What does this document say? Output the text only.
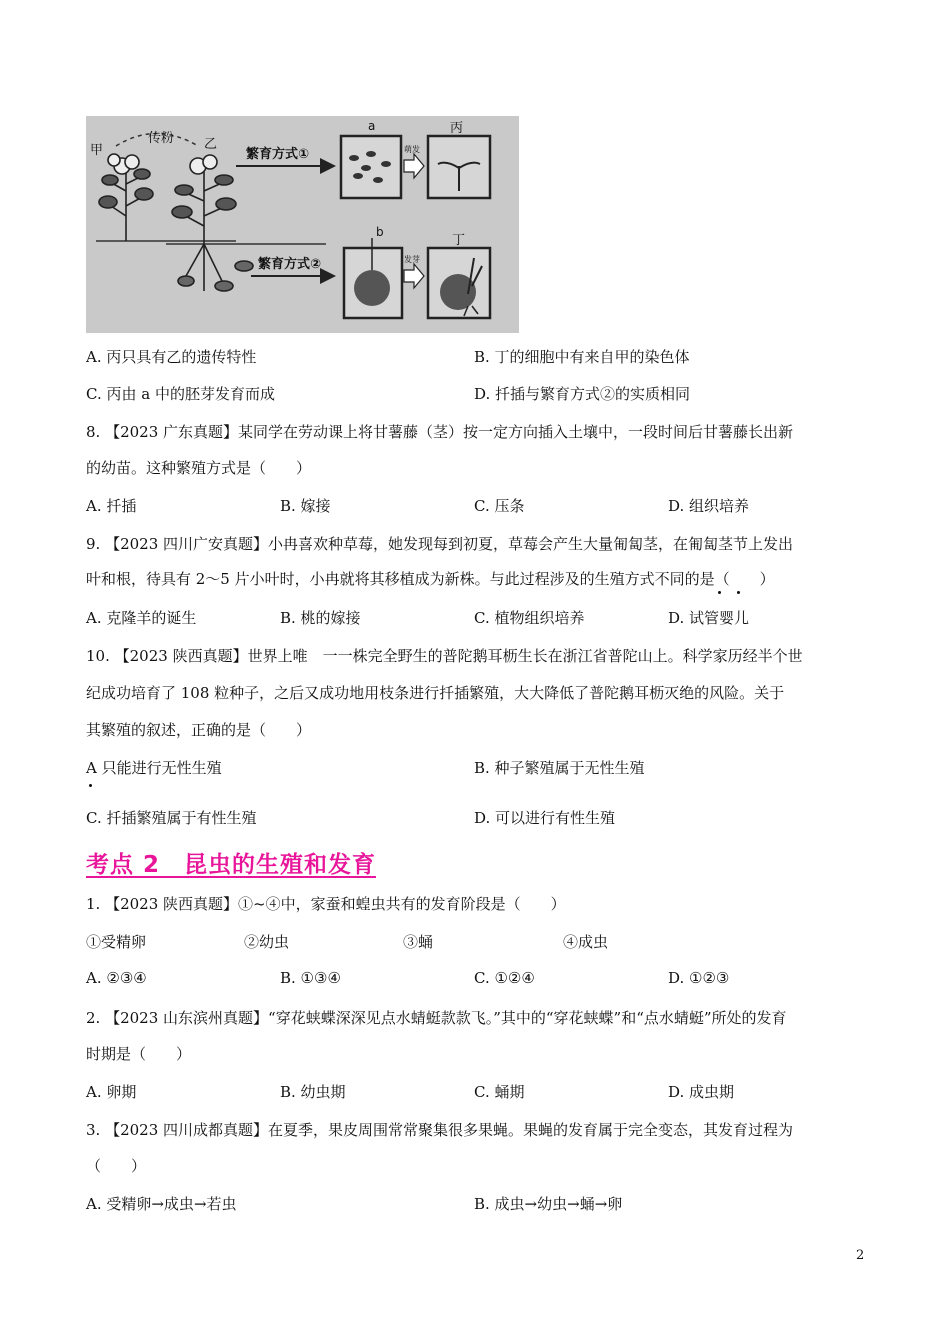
甲
传粉 乙
繁育方式①
繁育方式②
a	丙
b
丁
萌发
发芽
A. 丙只具有乙的遗传特性	B. 丁的细胞中有来自甲的染色体
C. 丙由 a 中的胚芽发育而成	D. 扦插与繁育方式②的实质相同
8. 【2023 广东真题】某同学在劳动课上将甘薯藤（茎）按一定方向插入土壤中，一段时间后甘薯藤长出新
的幼苗。这种繁殖方式是（　　）
A. 扦插	B. 嫁接	C. 压条	D. 组织培养
9. 【2023 四川广安真题】小冉喜欢种草莓，她发现每到初夏，草莓会产生大量匍匐茎，在匍匐茎节上发出
叶和根，待具有 2～5 片小叶时，小冉就将其移植成为新株。与此过程涉及的生殖方式不同的是（　　）
A. 克隆羊的诞生	B. 桃的嫁接	C. 植物组织培养	D. 试管婴儿
10. 【2023 陕西真题】世界上唯　一一株完全野生的普陀鹅耳枥生长在浙江省普陀山上。科学家历经半个世
纪成功培育了 108 粒种子，之后又成功地用枝条进行扦插繁殖，大大降低了普陀鹅耳枥灭绝的风险。关于
其繁殖的叙述，正确的是（　　）
A 只能进行无性生殖	B. 种子繁殖属于无性生殖
C. 扦插繁殖属于有性生殖	D. 可以进行有性生殖
考点 2　昆虫的生殖和发育
1. 【2023 陕西真题】①~④中，家蚕和蝗虫共有的发育阶段是（　　）
①受精卵	②幼虫	③蛹	④成虫
A. ②③④	B. ①③④	C. ①②④	D. ①②③
2. 【2023 山东滨州真题】“穿花蛱蝶深深见点水蜻蜓款款飞。”其中的“穿花蛱蝶”和“点水蜻蜓”所处的发育
时期是（　　）
A. 卵期	B. 幼虫期	C. 蛹期	D. 成虫期
3. 【2023 四川成都真题】在夏季，果皮周围常常聚集很多果蝇。果蝇的发育属于完全变态，其发育过程为
（　　）
A. 受精卵→成虫→若虫	B. 成虫→幼虫→蛹→卵
2
